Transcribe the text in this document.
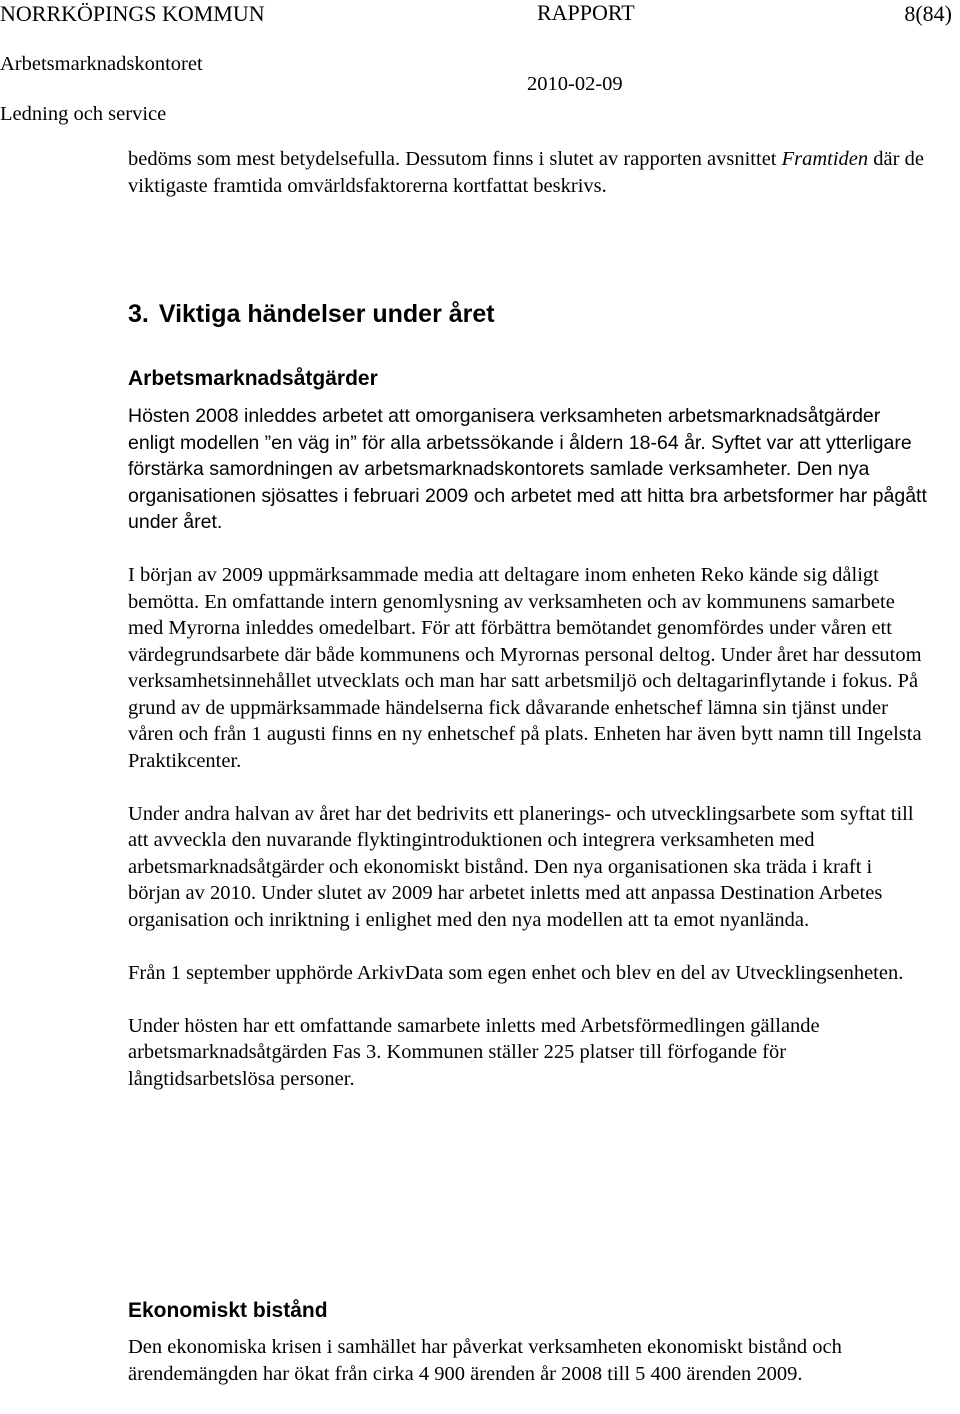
NORRKÖPINGS KOMMUN	RAPPORT	8(84)
Arbetsmarknadskontoret
2010-02-09
Ledning och service

bedöms som mest betydelsefulla. Dessutom finns i slutet av rapporten avsnittet Framtiden där de viktigaste framtida omvärldsfaktorerna kortfattat beskrivs.

3. Viktiga händelser under året
Arbetsmarknadsåtgärder

Hösten 2008 inleddes arbetet att omorganisera verksamheten arbetsmarknadsåtgärder enligt modellen ”en väg in” för alla arbetssökande i åldern 18-64 år. Syftet var att ytterligare förstärka samordningen av arbetsmarknadskontorets samlade verksamheter. Den nya organisationen sjösattes i februari 2009 och arbetet med att hitta bra arbetsformer har pågått under året.

I början av 2009 uppmärksammade media att deltagare inom enheten Reko kände sig dåligt bemötta. En omfattande intern genomlysning av verksamheten och av kommunens samarbete med Myrorna inleddes omedelbart. För att förbättra bemötandet genomfördes under våren ett värdegrundsarbete där både kommunens och Myrornas personal deltog. Under året har dessutom verksamhetsinnehållet utvecklats och man har satt arbetsmiljö och deltagarinflytande i fokus. På grund av de uppmärksammade händelserna fick dåvarande enhetschef lämna sin tjänst under våren och från 1 augusti finns en ny enhetschef på plats. Enheten har även bytt namn till Ingelsta Praktikcenter.

Under andra halvan av året har det bedrivits ett planerings- och utvecklingsarbete som syftat till att avveckla den nuvarande flyktingintroduktionen och integrera verksamheten med arbetsmarknadsåtgärder och ekonomiskt bistånd. Den nya organisationen ska träda i kraft i början av 2010. Under slutet av 2009 har arbetet inletts med att anpassa Destination Arbetes organisation och inriktning i enlighet med den nya modellen att ta emot nyanlända.

Från 1 september upphörde ArkivData som egen enhet och blev en del av Utvecklingsenheten.

Under hösten har ett omfattande samarbete inletts med Arbetsförmedlingen gällande arbetsmarknadsåtgärden Fas 3. Kommunen ställer 225 platser till förfogande för långtidsarbetslösa personer.

Ekonomiskt bistånd

Den ekonomiska krisen i samhället har påverkat verksamheten ekonomiskt bistånd och ärendemängden har ökat från cirka 4 900 ärenden år 2008 till 5 400 ärenden 2009.
